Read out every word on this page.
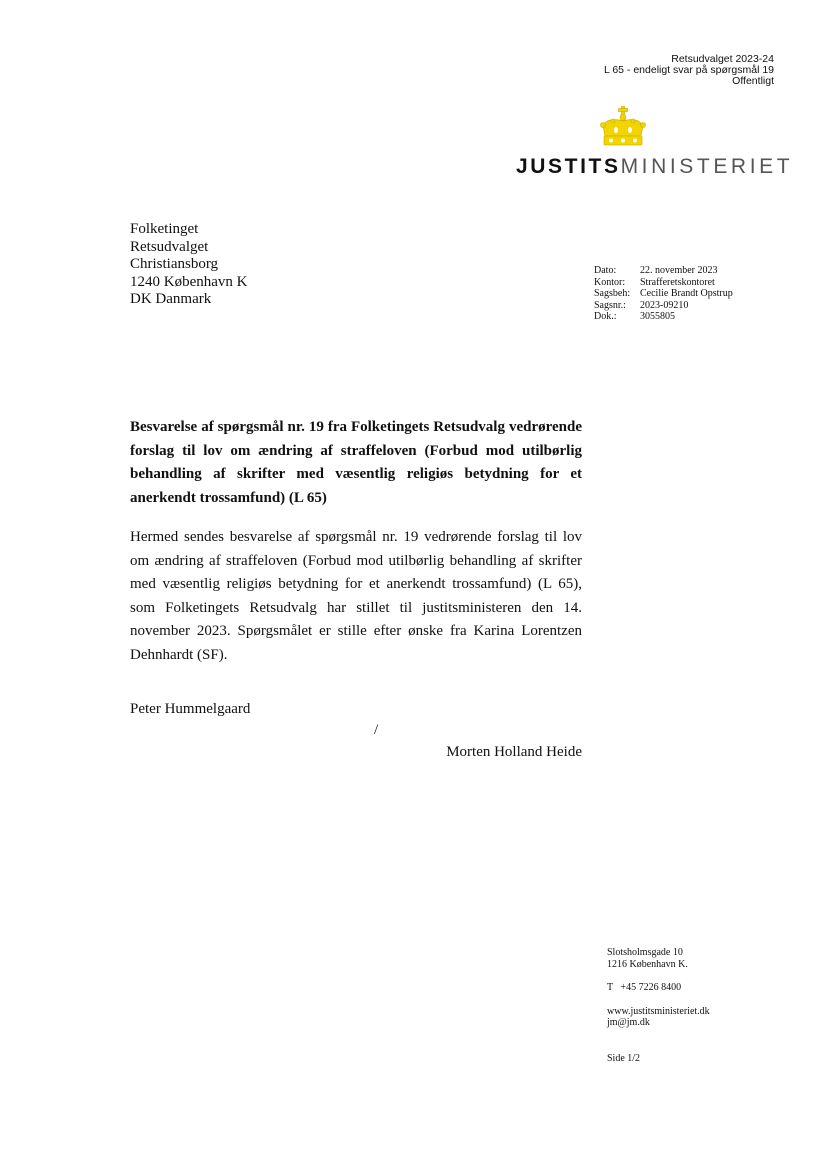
Retsudvalget 2023-24
L 65 - endeligt svar på spørgsmål 19
Offentligt
JUSTITSMINISTERIET
Folketinget
Retsudvalget
Christiansborg
1240 København K
DK Danmark
Dato:	22. november 2023
Kontor:	Strafferetskontoret
Sagsbeh:	Cecilie Brandt Opstrup
Sagsnr.:	2023-09210
Dok.:	3055805
Besvarelse af spørgsmål nr. 19 fra Folketingets Retsudvalg vedrørende forslag til lov om ændring af straffeloven (Forbud mod utilbørlig behandling af skrifter med væsentlig religiøs betydning for et anerkendt trossamfund) (L 65)
Hermed sendes besvarelse af spørgsmål nr. 19 vedrørende forslag til lov om ændring af straffeloven (Forbud mod utilbørlig behandling af skrifter med væsentlig religiøs betydning for et anerkendt trossamfund) (L 65), som Folketingets Retsudvalg har stillet til justitsministeren den 14. november 2023. Spørgsmålet er stille efter ønske fra Karina Lorentzen Dehnhardt (SF).
Peter Hummelgaard
/
Morten Holland Heide
Slotsholmsgade 10
1216 København K.
T   +45 7226 8400
www.justitsministeriet.dk
jm@jm.dk
Side 1/2
